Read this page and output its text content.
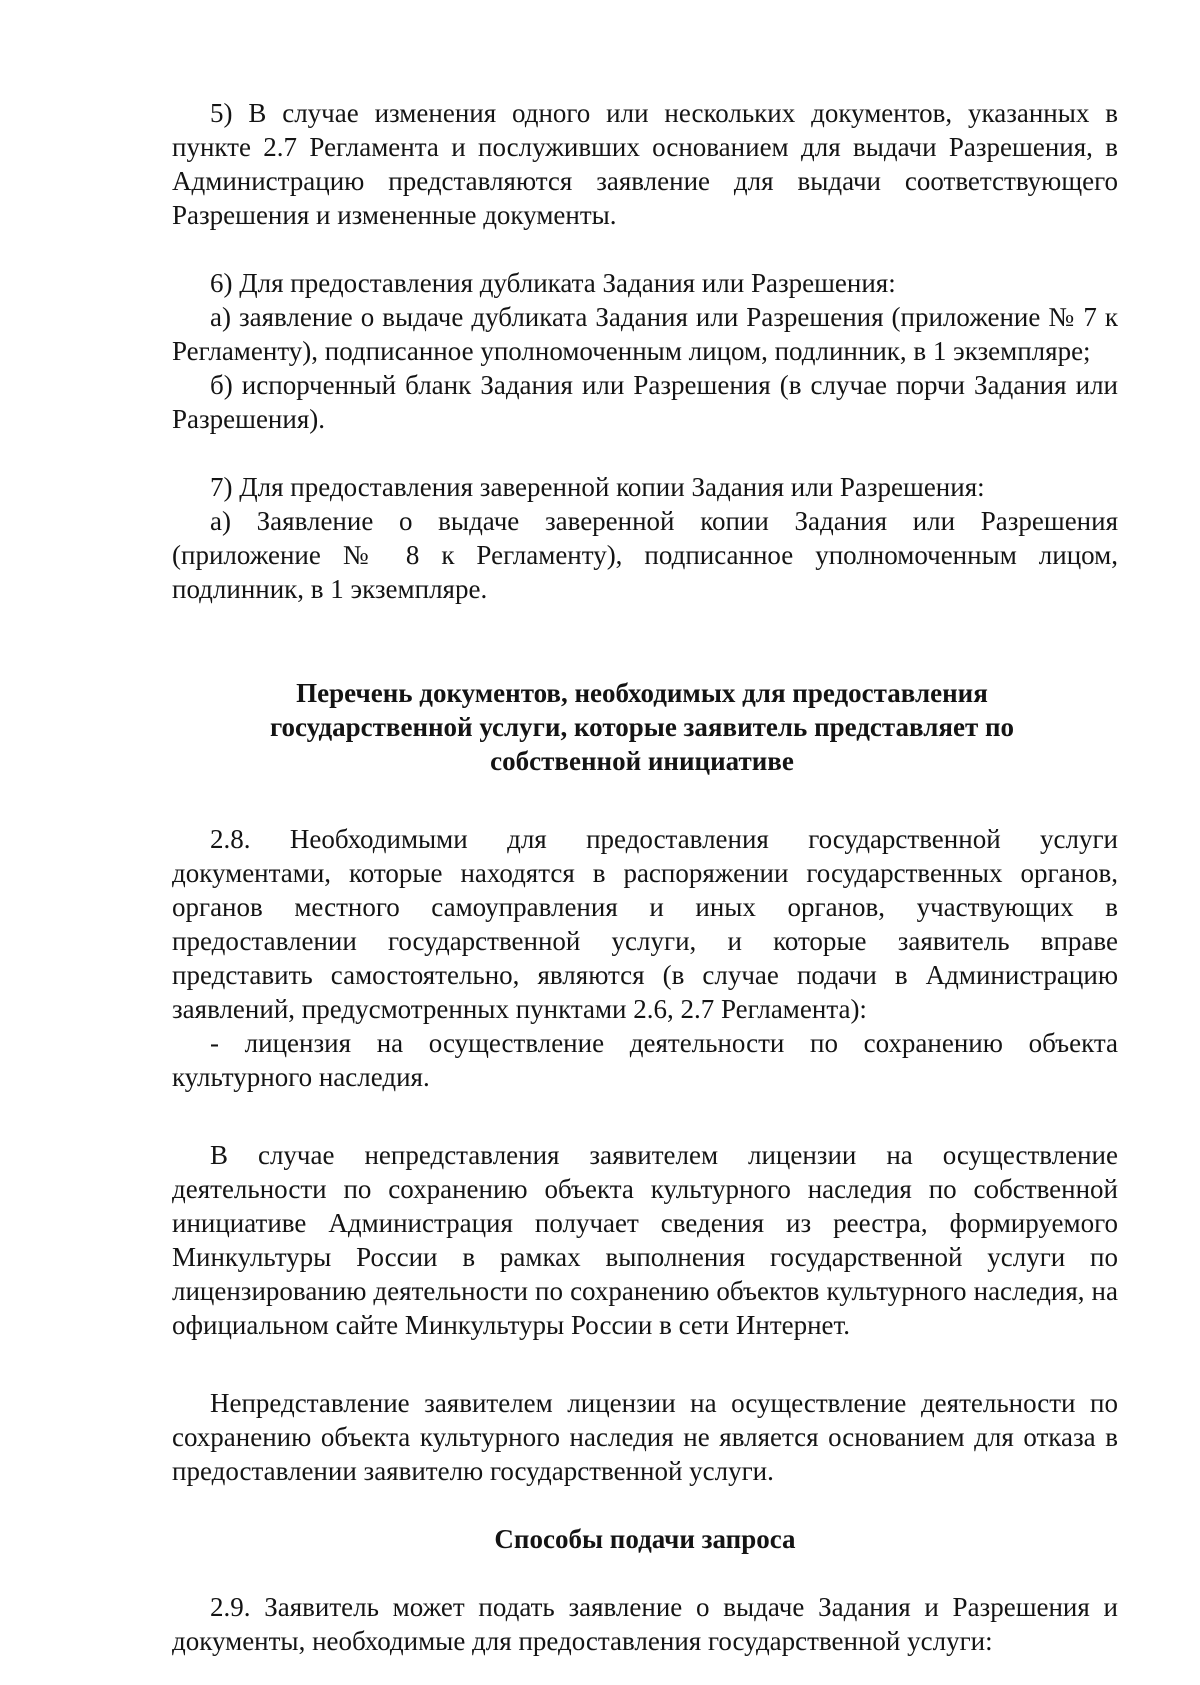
5) В случае изменения одного или нескольких документов, указанных в пункте 2.7 Регламента и послуживших основанием для выдачи Разрешения, в Администрацию представляются заявление для выдачи соответствующего Разрешения и измененные документы.

6) Для предоставления дубликата Задания или Разрешения:

а) заявление о выдаче дубликата Задания или Разрешения (приложение № 7 к Регламенту), подписанное уполномоченным лицом, подлинник, в 1 экземпляре;

б) испорченный бланк Задания или Разрешения (в случае порчи Задания или Разрешения).

7) Для предоставления заверенной копии Задания или Разрешения:

а) Заявление о выдаче заверенной копии Задания или Разрешения (приложение № 8 к Регламенту), подписанное уполномоченным лицом, подлинник, в 1 экземпляре.

Перечень документов, необходимых для предоставления государственной услуги, которые заявитель представляет по собственной инициативе

2.8. Необходимыми для предоставления государственной услуги документами, которые находятся в распоряжении государственных органов, органов местного самоуправления и иных органов, участвующих в предоставлении государственной услуги, и которые заявитель вправе представить самостоятельно, являются (в случае подачи в Администрацию заявлений, предусмотренных пунктами 2.6, 2.7 Регламента):

- лицензия на осуществление деятельности по сохранению объекта культурного наследия.

В случае непредставления заявителем лицензии на осуществление деятельности по сохранению объекта культурного наследия по собственной инициативе Администрация получает сведения из реестра, формируемого Минкультуры России в рамках выполнения государственной услуги по лицензированию деятельности по сохранению объектов культурного наследия, на официальном сайте Минкультуры России в сети Интернет.

Непредставление заявителем лицензии на осуществление деятельности по сохранению объекта культурного наследия не является основанием для отказа в предоставлении заявителю государственной услуги.

Способы подачи запроса

2.9. Заявитель может подать заявление о выдаче Задания и Разрешения и документы, необходимые для предоставления государственной услуги:
